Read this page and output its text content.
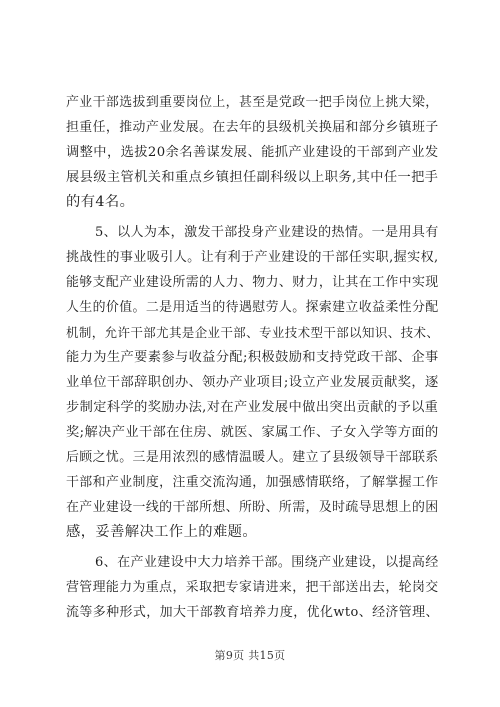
产业干部选拔到重要岗位上，甚至是党政一把手岗位上挑大梁，
担重任，推动产业发展。在去年的县级机关换届和部分乡镇班子
调整中，选拔20余名善谋发展、能抓产业建设的干部到产业发
展县级主管机关和重点乡镇担任副科级以上职务,其中任一把手
的有4名。
5、以人为本，激发干部投身产业建设的热情。一是用具有
挑战性的事业吸引人。让有利于产业建设的干部任实职,握实权,
能够支配产业建设所需的人力、物力、财力，让其在工作中实现
人生的价值。二是用适当的待遇慰劳人。探索建立收益柔性分配
机制，允许干部尤其是企业干部、专业技术型干部以知识、技术、
能力为生产要素参与收益分配;积极鼓励和支持党政干部、企事
业单位干部辞职创办、领办产业项目;设立产业发展贡献奖，逐
步制定科学的奖励办法,对在产业发展中做出突出贡献的予以重
奖;解决产业干部在住房、就医、家属工作、子女入学等方面的
后顾之忧。三是用浓烈的感情温暖人。建立了县级领导干部联系
干部和产业制度，注重交流沟通，加强感情联络，了解掌握工作
在产业建设一线的干部所想、所盼、所需，及时疏导思想上的困
感，妥善解决工作上的难题。
6、在产业建设中大力培养干部。围绕产业建设，以提高经
营管理能力为重点，采取把专家请进来，把干部送出去，轮岗交
流等多种形式，加大干部教育培养力度，优化wto、经济管理、
第9页 共15页
